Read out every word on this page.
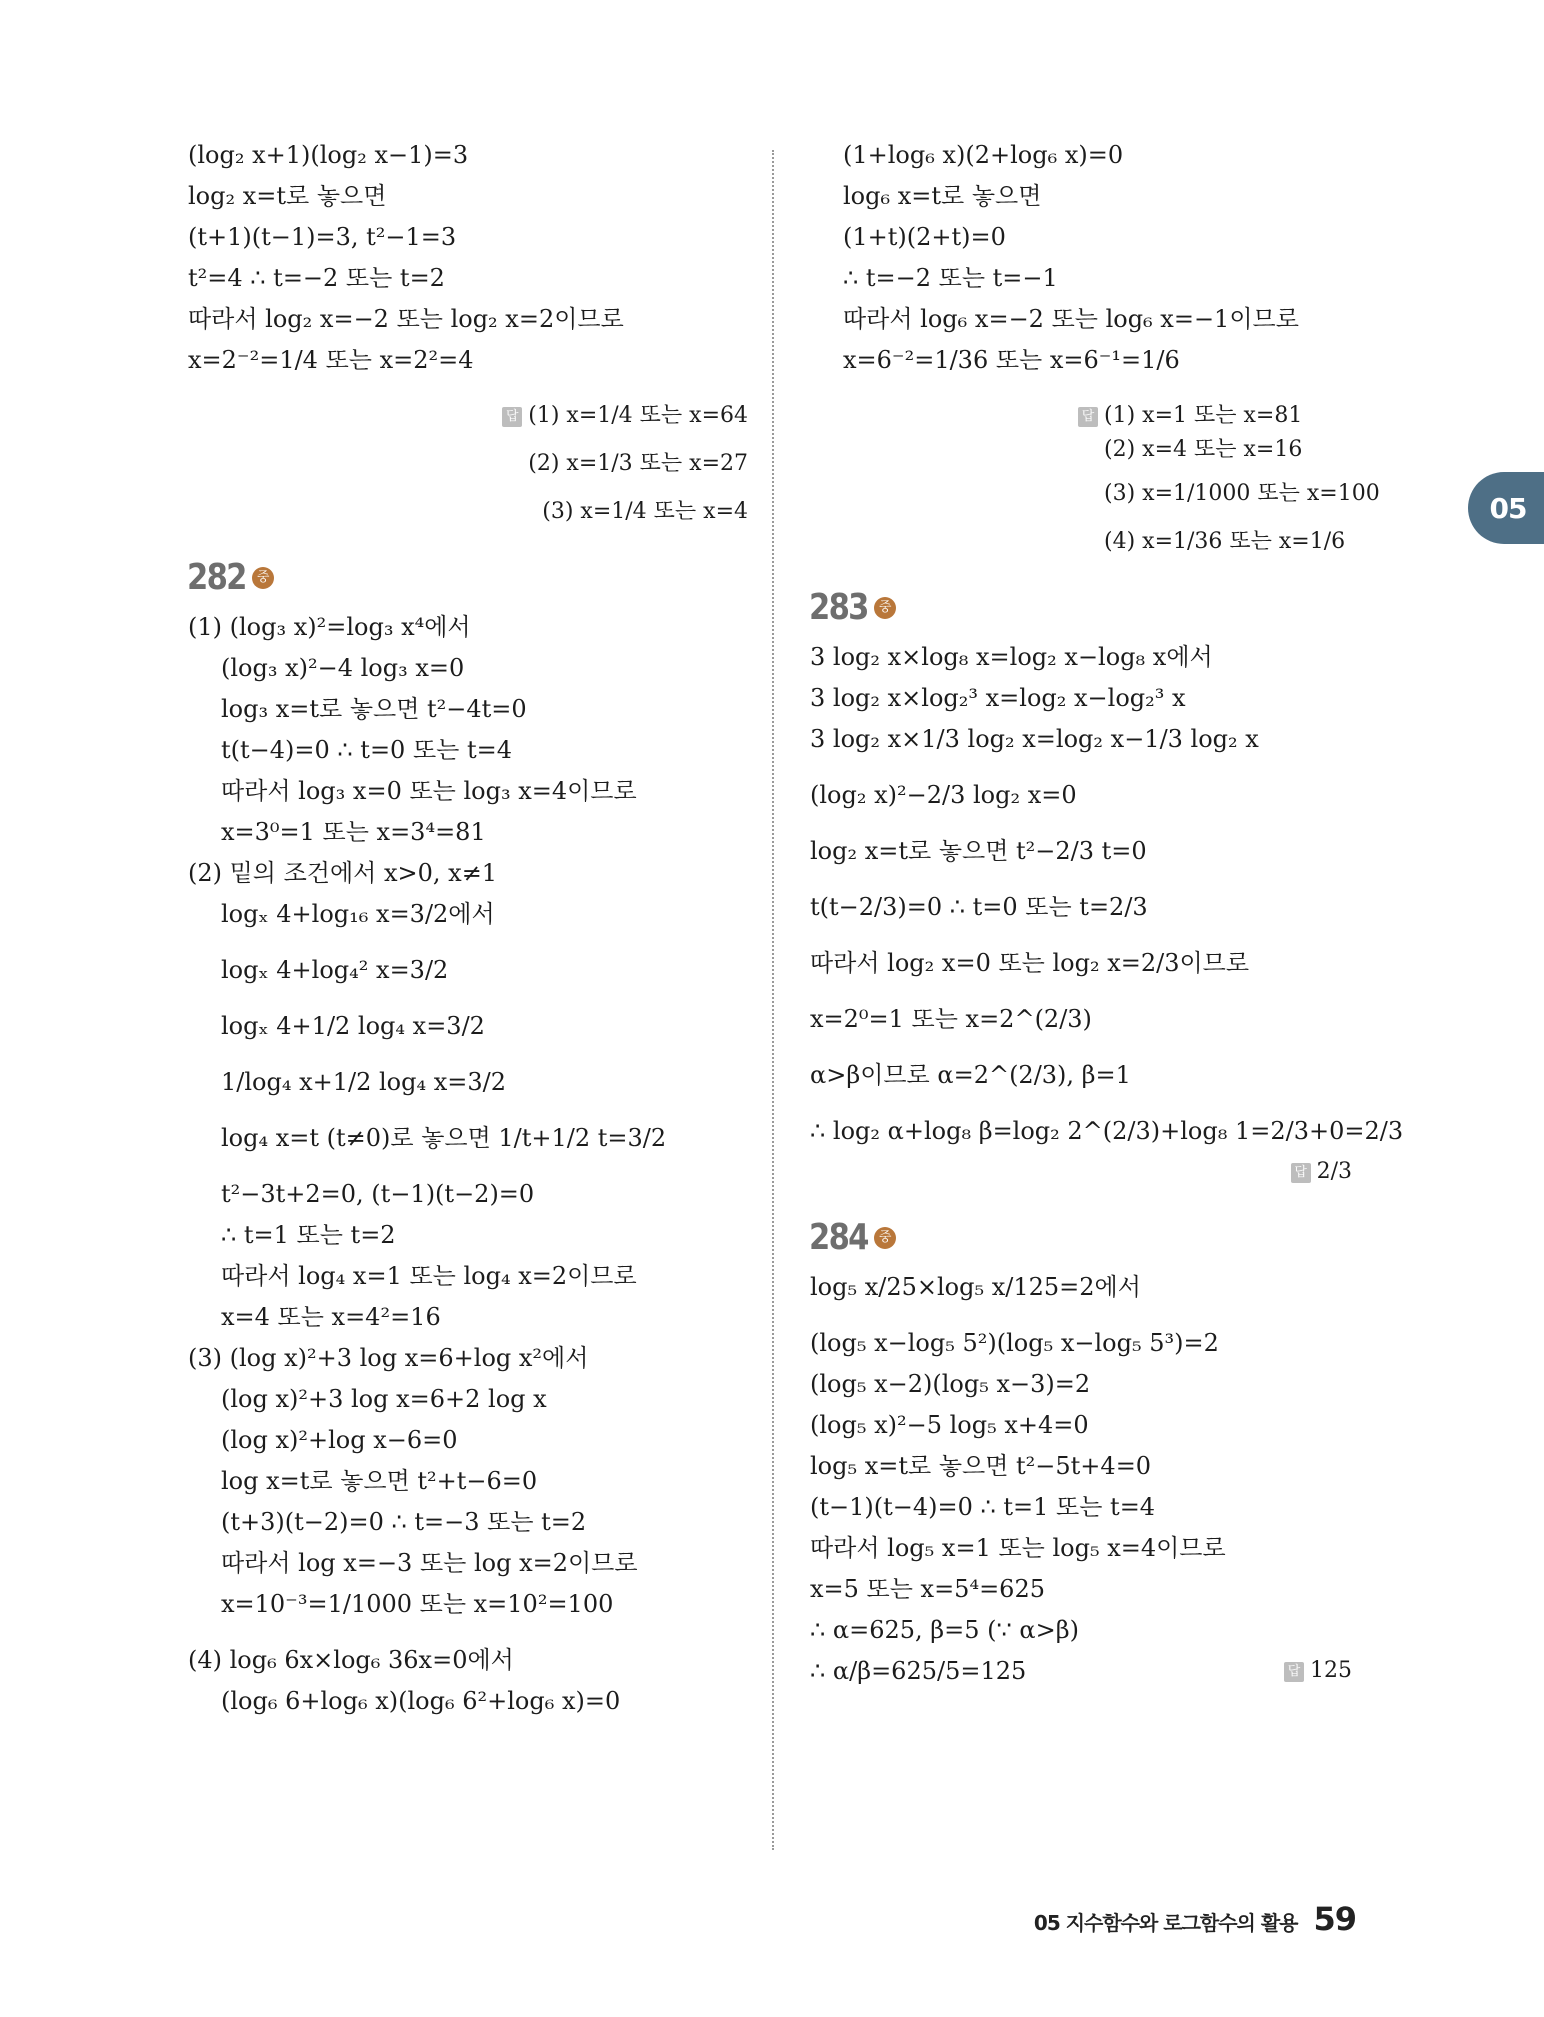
(log₂ x+1)(log₂ x−1)=3
log₂ x=t로 놓으면
(t+1)(t−1)=3, t²−1=3
t²=4 ∴ t=−2 또는 t=2
따라서 log₂ x=−2 또는 log₂ x=2이므로
x=2⁻²=1/4 또는 x=2²=4
답 (1) x=1/4 또는 x=64
(2) x=1/3 또는 x=27
(3) x=1/4 또는 x=4
282 중
(1) (log₃ x)²=log₃ x⁴에서
(log₃ x)²−4 log₃ x=0
log₃ x=t로 놓으면 t²−4t=0
t(t−4)=0 ∴ t=0 또는 t=4
따라서 log₃ x=0 또는 log₃ x=4이므로
x=3⁰=1 또는 x=3⁴=81
(2) 밑의 조건에서 x>0, x≠1
logₓ 4+log₁₆ x=3/2에서
logₓ 4+log₄² x=3/2
logₓ 4+1/2 log₄ x=3/2
1/log₄ x+1/2 log₄ x=3/2
log₄ x=t (t≠0)로 놓으면 1/t+1/2 t=3/2
t²−3t+2=0, (t−1)(t−2)=0
∴ t=1 또는 t=2
따라서 log₄ x=1 또는 log₄ x=2이므로
x=4 또는 x=4²=16
(3) (log x)²+3 log x=6+log x²에서
(log x)²+3 log x=6+2 log x
(log x)²+log x−6=0
log x=t로 놓으면 t²+t−6=0
(t+3)(t−2)=0 ∴ t=−3 또는 t=2
따라서 log x=−3 또는 log x=2이므로
x=10⁻³=1/1000 또는 x=10²=100
(4) log₆ 6x×log₆ 36x=0에서
(log₆ 6+log₆ x)(log₆ 6²+log₆ x)=0
(1+log₆ x)(2+log₆ x)=0
log₆ x=t로 놓으면
(1+t)(2+t)=0
∴ t=−2 또는 t=−1
따라서 log₆ x=−2 또는 log₆ x=−1이므로
x=6⁻²=1/36 또는 x=6⁻¹=1/6
답 (1) x=1 또는 x=81
(2) x=4 또는 x=16
(3) x=1/1000 또는 x=100
(4) x=1/36 또는 x=1/6
283 중
3 log₂ x×log₈ x=log₂ x−log₈ x에서
3 log₂ x×log₂³ x=log₂ x−log₂³ x
3 log₂ x×1/3 log₂ x=log₂ x−1/3 log₂ x
(log₂ x)²−2/3 log₂ x=0
log₂ x=t로 놓으면 t²−2/3 t=0
t(t−2/3)=0 ∴ t=0 또는 t=2/3
따라서 log₂ x=0 또는 log₂ x=2/3이므로
x=2⁰=1 또는 x=2^(2/3)
α>β이므로 α=2^(2/3), β=1
∴ log₂ α+log₈ β=log₂ 2^(2/3)+log₈ 1=2/3+0=2/3
답 2/3
284 중
log₅ x/25×log₅ x/125=2에서
(log₅ x−log₅ 5²)(log₅ x−log₅ 5³)=2
(log₅ x−2)(log₅ x−3)=2
(log₅ x)²−5 log₅ x+4=0
log₅ x=t로 놓으면 t²−5t+4=0
(t−1)(t−4)=0 ∴ t=1 또는 t=4
따라서 log₅ x=1 또는 log₅ x=4이므로
x=5 또는 x=5⁴=625
∴ α=625, β=5 (∵ α>β)
∴ α/β=625/5=125	답 125
05
05 지수함수와 로그함수의 활용 59
